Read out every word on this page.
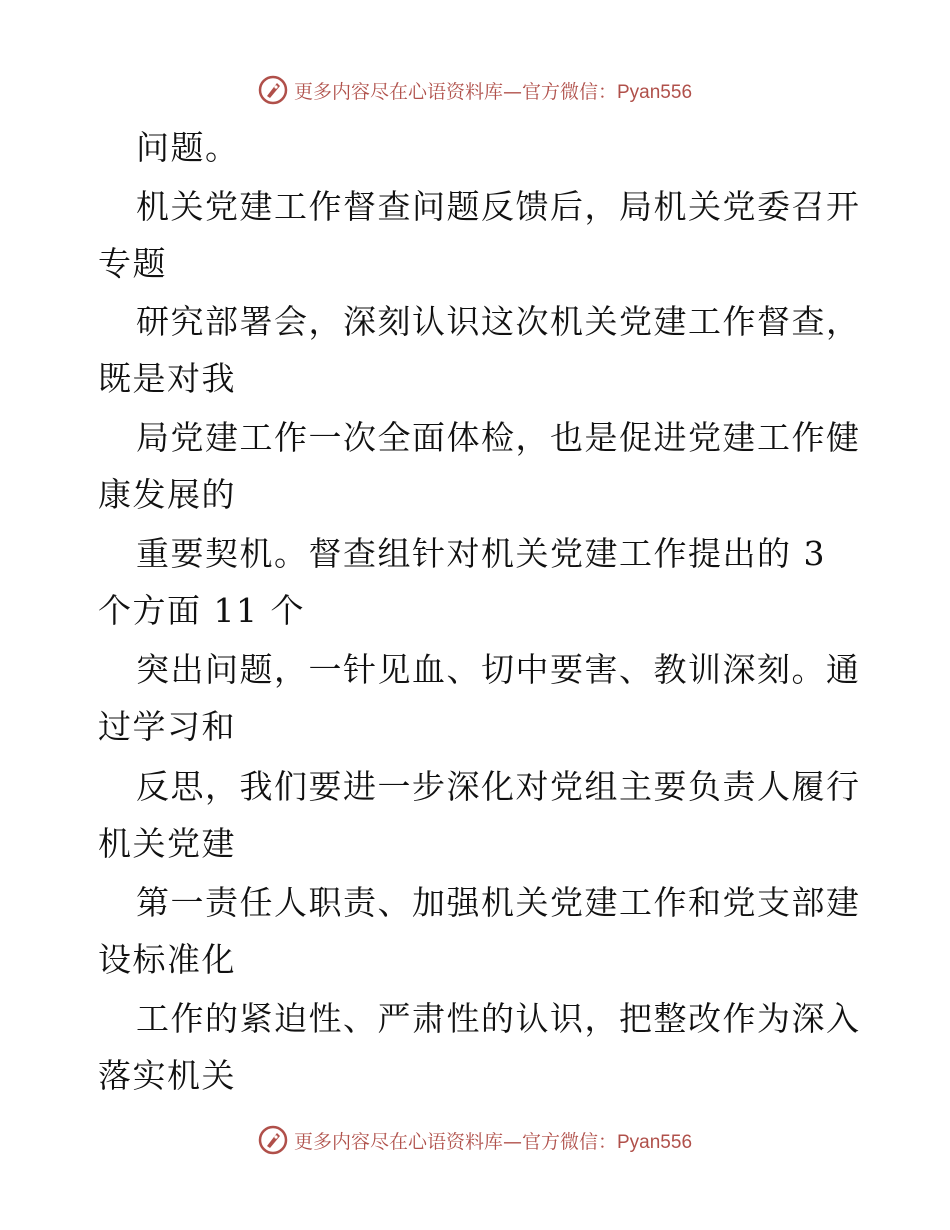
更多内容尽在心语资料库—官方微信：Pyan556
问题。
机关党建工作督查问题反馈后，局机关党委召开
专题
研究部署会，深刻认识这次机关党建工作督查，
既是对我
局党建工作一次全面体检，也是促进党建工作健
康发展的
重要契机。督查组针对机关党建工作提出的 3
个方面 11 个
突出问题，一针见血、切中要害、教训深刻。通
过学习和
反思，我们要进一步深化对党组主要负责人履行
机关党建
第一责任人职责、加强机关党建工作和党支部建
设标准化
工作的紧迫性、严肃性的认识，把整改作为深入
落实机关
更多内容尽在心语资料库—官方微信：Pyan556
